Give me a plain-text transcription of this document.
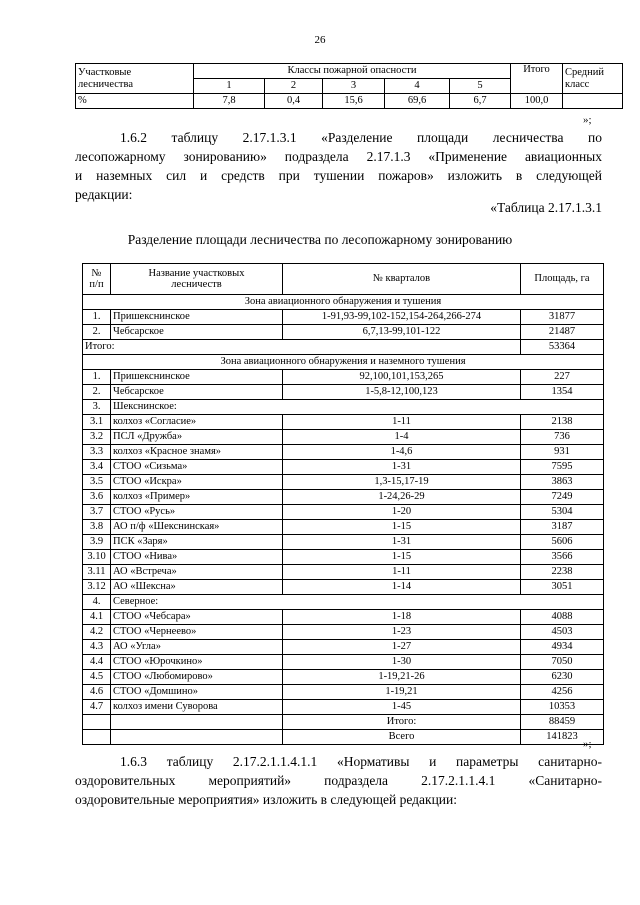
26
Участковые
лесничества	Классы пожарной опасности					Итого	Средний
класс
	1	2	3	4	5		
%	7,8	0,4	15,6	69,6	6,7	100,0	
»;
1.6.2 таблицу 2.17.1.3.1 «Разделение площади лесничества по
лесопожарному зонированию» подраздела 2.17.1.3 «Применение авиационных
и наземных сил и средств при тушении пожаров» изложить в следующей
редакции:
«Таблица 2.17.1.3.1
Разделение площади лесничества по лесопожарному зонированию
№
п/п	Название участковых
лесничеств	№ кварталов	Площадь, га
Зона авиационного обнаружения и тушения			
1.	Пришекснинское	1-91,93-99,102-152,154-264,266-274	31877
2.	Чебсарское	6,7,13-99,101-122	21487
Итого:			53364
Зона авиационного обнаружения и наземного тушения			
1.	Пришекснинское	92,100,101,153,265	227
2.	Чебсарское	1-5,8-12,100,123	1354
3.	Шекснинское:		
3.1	колхоз «Согласие»	1-11	2138
3.2	ПСЛ «Дружба»	1-4	736
3.3	колхоз «Красное знамя»	1-4,6	931
3.4	СТОО «Сизьма»	1-31	7595
3.5	СТОО «Искра»	1,3-15,17-19	3863
3.6	колхоз «Пример»	1-24,26-29	7249
3.7	СТОО «Русь»	1-20	5304
3.8	АО п/ф «Шекснинская»	1-15	3187
3.9	ПСК «Заря»	1-31	5606
3.10	СТОО «Нива»	1-15	3566
3.11	АО «Встреча»	1-11	2238
3.12	АО «Шексна»	1-14	3051
4.	Северное:		
4.1	СТОО «Чебсара»	1-18	4088
4.2	СТОО «Чернеево»	1-23	4503
4.3	АО «Угла»	1-27	4934
4.4	СТОО «Юрочкино»	1-30	7050
4.5	СТОО «Любомирово»	1-19,21-26	6230
4.6	СТОО «Домшино»	1-19,21	4256
4.7	колхоз имени Суворова	1-45	10353
		Итого:	88459
		Всего	141823
»;
1.6.3 таблицу 2.17.2.1.1.4.1.1 «Нормативы и параметры санитарно-
оздоровительных мероприятий» подраздела 2.17.2.1.1.4.1 «Санитарно-
оздоровительные мероприятия» изложить в следующей редакции:
